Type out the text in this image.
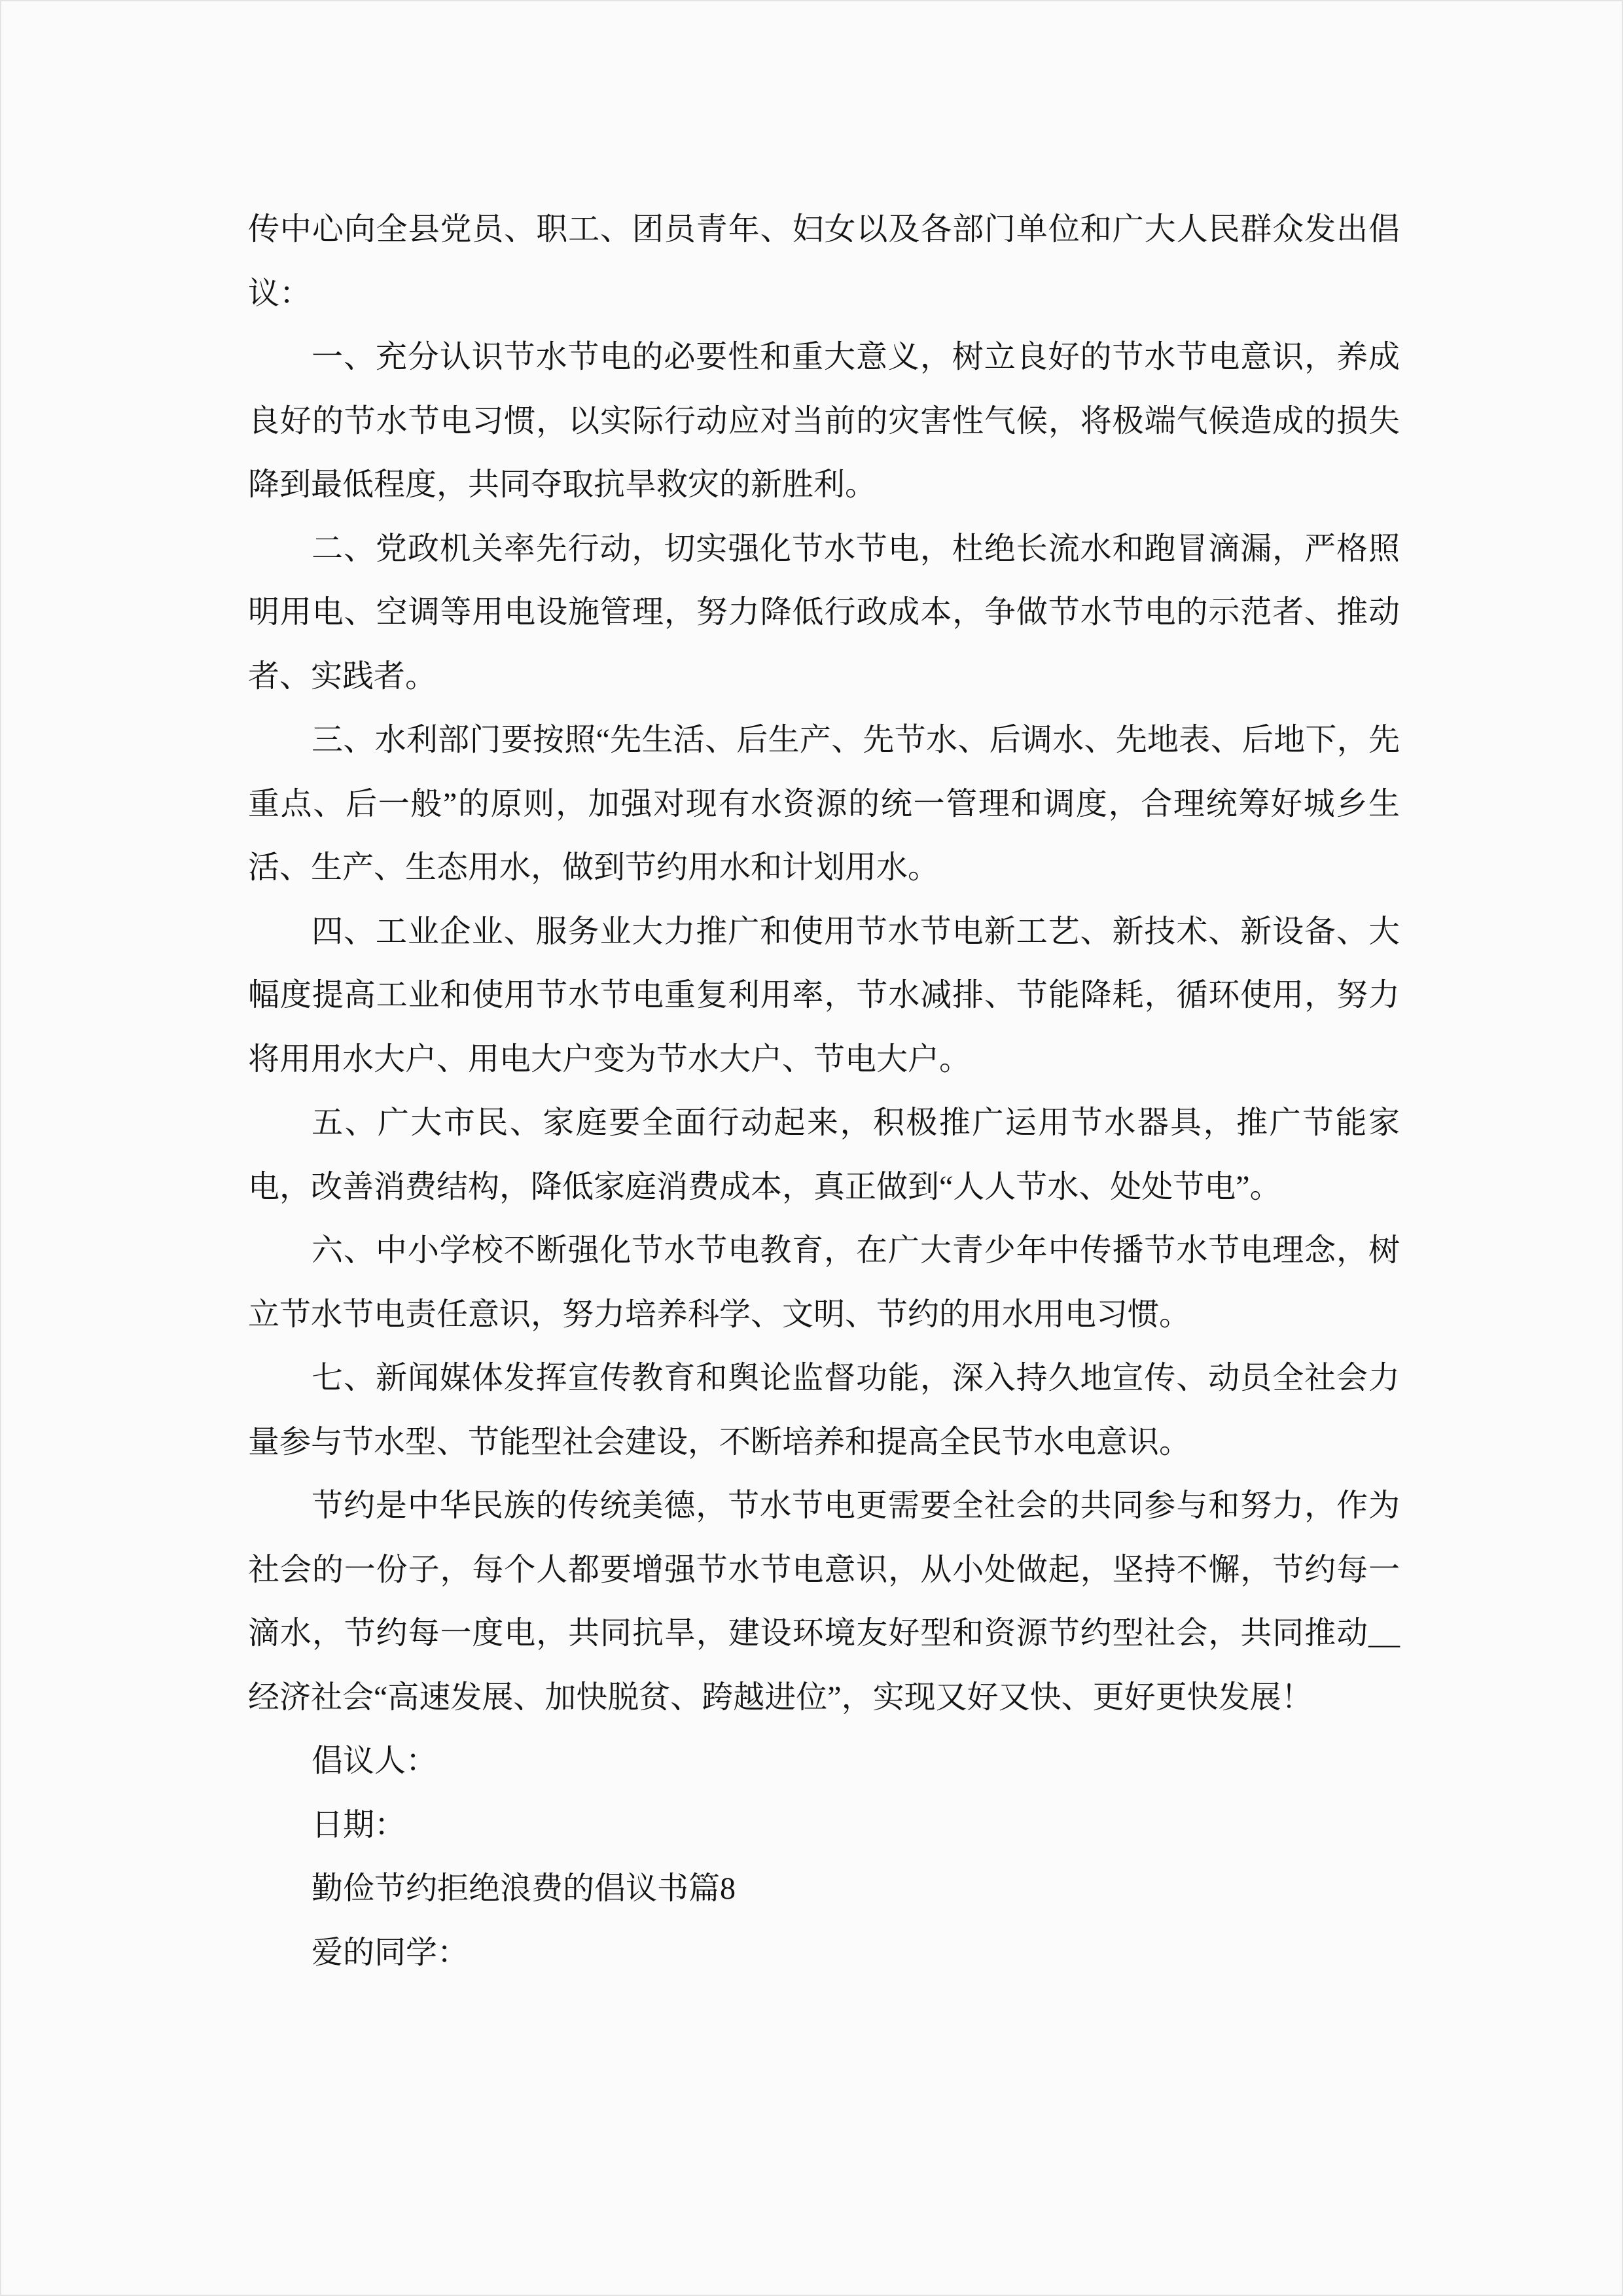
传中心向全县党员、职工、团员青年、妇女以及各部门单位和广大人民群众发出倡议：

一、充分认识节水节电的必要性和重大意义，树立良好的节水节电意识，养成良好的节水节电习惯，以实际行动应对当前的灾害性气候，将极端气候造成的损失降到最低程度，共同夺取抗旱救灾的新胜利。

二、党政机关率先行动，切实强化节水节电，杜绝长流水和跑冒滴漏，严格照明用电、空调等用电设施管理，努力降低行政成本，争做节水节电的示范者、推动者、实践者。

三、水利部门要按照“先生活、后生产、先节水、后调水、先地表、后地下，先重点、后一般”的原则，加强对现有水资源的统一管理和调度，合理统筹好城乡生活、生产、生态用水，做到节约用水和计划用水。

四、工业企业、服务业大力推广和使用节水节电新工艺、新技术、新设备、大幅度提高工业和使用节水节电重复利用率，节水减排、节能降耗，循环使用，努力将用用水大户、用电大户变为节水大户、节电大户。

五、广大市民、家庭要全面行动起来，积极推广运用节水器具，推广节能家电，改善消费结构，降低家庭消费成本，真正做到“人人节水、处处节电”。

六、中小学校不断强化节水节电教育，在广大青少年中传播节水节电理念，树立节水节电责任意识，努力培养科学、文明、节约的用水用电习惯。

七、新闻媒体发挥宣传教育和舆论监督功能，深入持久地宣传、动员全社会力量参与节水型、节能型社会建设，不断培养和提高全民节水电意识。

节约是中华民族的传统美德，节水节电更需要全社会的共同参与和努力，作为社会的一份子，每个人都要增强节水节电意识，从小处做起，坚持不懈，节约每一滴水，节约每一度电，共同抗旱，建设环境友好型和资源节约型社会，共同推动__经济社会“高速发展、加快脱贫、跨越进位”，实现又好又快、更好更快发展！

倡议人：

日期：

勤俭节约拒绝浪费的倡议书篇8

爱的同学：
